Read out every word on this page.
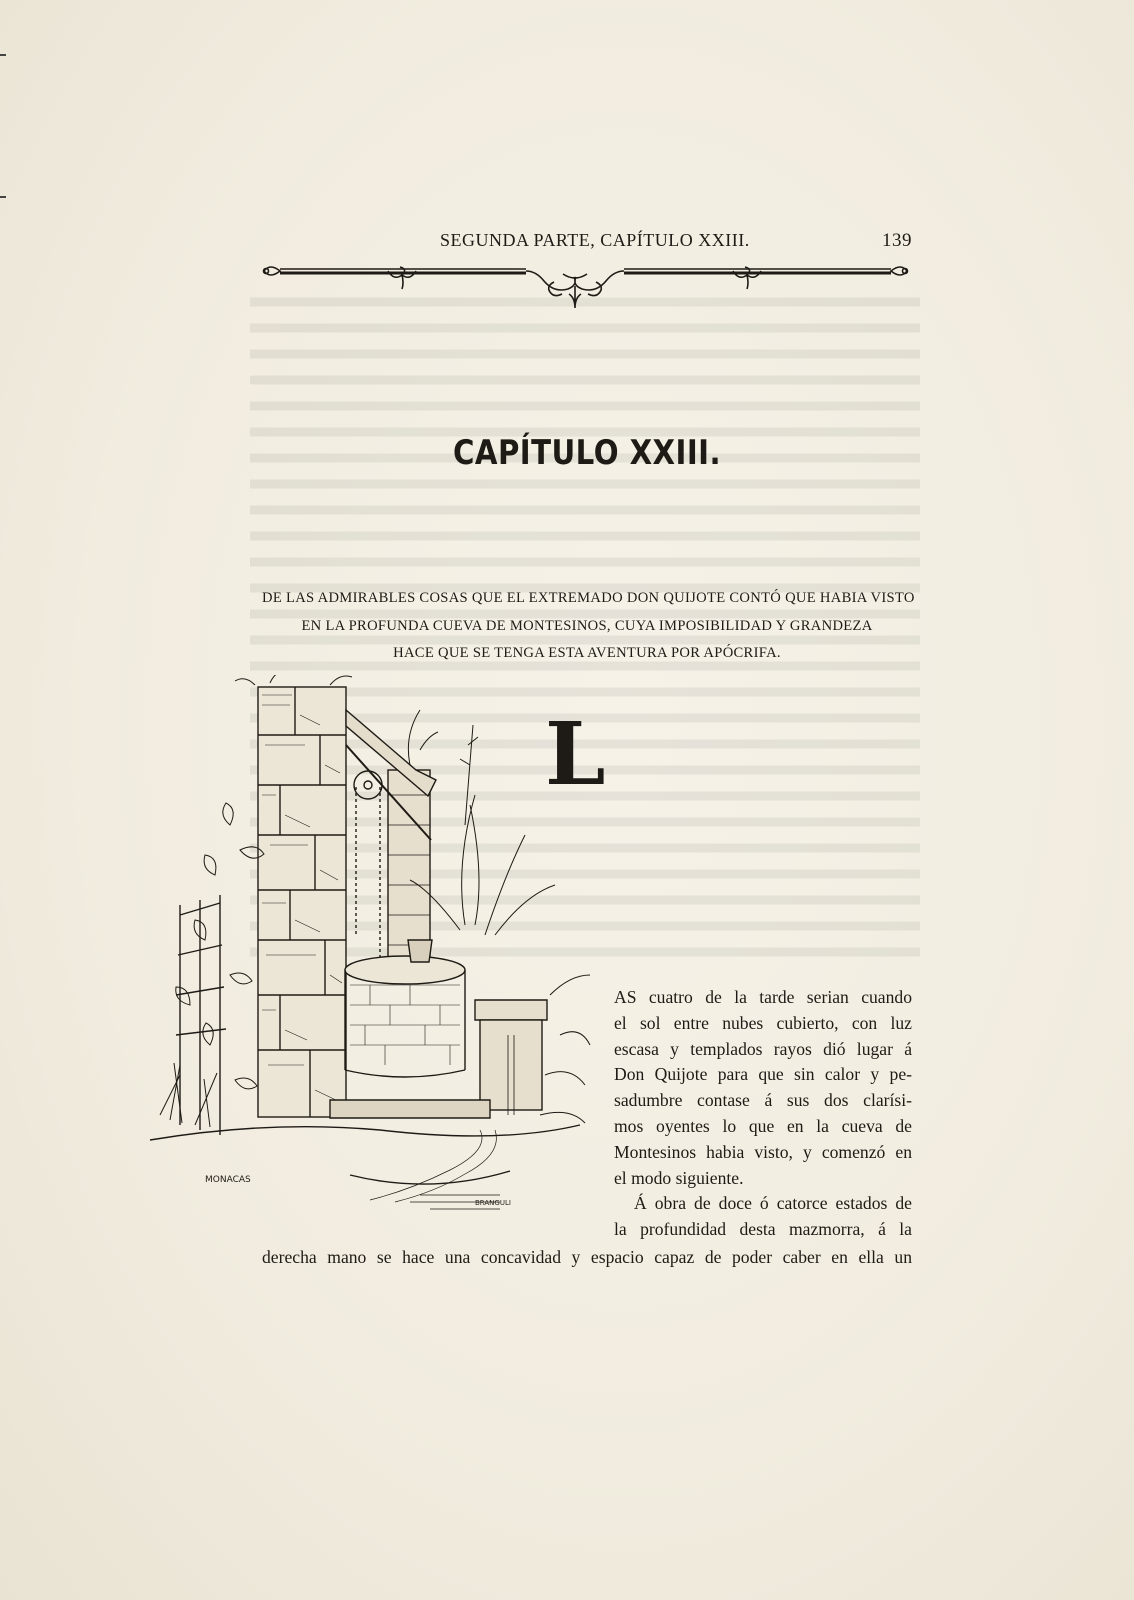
SEGUNDA PARTE, CAPÍTULO XXIII.	139
CAPÍTULO XXIII.
DE LAS ADMIRABLES COSAS QUE EL EXTREMADO DON QUIJOTE CONTÓ QUE HABIA VISTO
EN LA PROFUNDA CUEVA DE MONTESINOS, CUYA IMPOSIBILIDAD Y GRANDEZA
HACE QUE SE TENGA ESTA AVENTURA POR APÓCRIFA.
MONACAS
BRANGULI
L
AS cuatro de la tarde serian cuando
el sol entre nubes cubierto, con luz
escasa y templados rayos dió lugar á
Don Quijote para que sin calor y pe-
sadumbre contase á sus dos clarísi-
mos oyentes lo que en la cueva de
Montesinos habia visto, y comenzó en
el modo siguiente.
Á obra de doce ó catorce estados de
la profundidad desta mazmorra, á la
derecha mano se hace una concavidad y espacio capaz de poder caber en ella un
